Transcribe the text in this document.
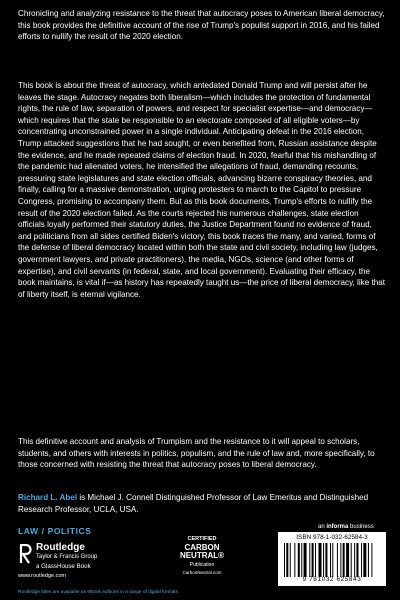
Chronicling and analyzing resistance to the threat that autocracy poses to American liberal democracy, this book provides the definitive account of the rise of Trump's populist support in 2016, and his failed efforts to nullify the result of the 2020 election.
This book is about the threat of autocracy, which antedated Donald Trump and will persist after he leaves the stage. Autocracy negates both liberalism—which includes the protection of fundamental rights, the rule of law, separation of powers, and respect for specialist expertise—and democracy—which requires that the state be responsible to an electorate composed of all eligible voters—by concentrating unconstrained power in a single individual. Anticipating defeat in the 2016 election, Trump attacked suggestions that he had sought, or even benefited from, Russian assistance despite the evidence, and he made repeated claims of election fraud. In 2020, fearful that his mishandling of the pandemic had alienated voters, he intensified the allegations of fraud, demanding recounts, pressuring state legislatures and state election officials, advancing bizarre conspiracy theories, and finally, calling for a massive demonstration, urging protesters to march to the Capitol to pressure Congress, promising to accompany them. But as this book documents, Trump's efforts to nullify the result of the 2020 election failed. As the courts rejected his numerous challenges, state election officials loyally performed their statutory duties, the Justice Department found no evidence of fraud, and politicians from all sides certified Biden's victory, this book traces the many, and varied, forms of the defense of liberal democracy located within both the state and civil society, including law (judges, government lawyers, and private practitioners), the media, NGOs, science (and other forms of expertise), and civil servants (in federal, state, and local government). Evaluating their efficacy, the book maintains, is vital if—as history has repeatedly taught us—the price of liberal democracy, like that of liberty itself, is eternal vigilance.
This definitive account and analysis of Trumpism and the resistance to it will appeal to scholars, students, and others with interests in politics, populism, and the rule of law and, more specifically, to those concerned with resisting the threat that autocracy poses to liberal democracy.
Richard L. Abel is Michael J. Connell Distinguished Professor of Law Emeritus and Distinguished Research Professor, UCLA, USA.
LAW / POLITICS
Routledge
Taylor & Francis Group
a GlassHouse Book
www.routledge.com
CERTIFIED
CARBON
NEUTRAL®
Publication
CarbonNeutral.com
an informa business
ISBN 978-1-032-62584-3
9 781032 625843
Routledge titles are available as eBook editions in a range of digital formats
